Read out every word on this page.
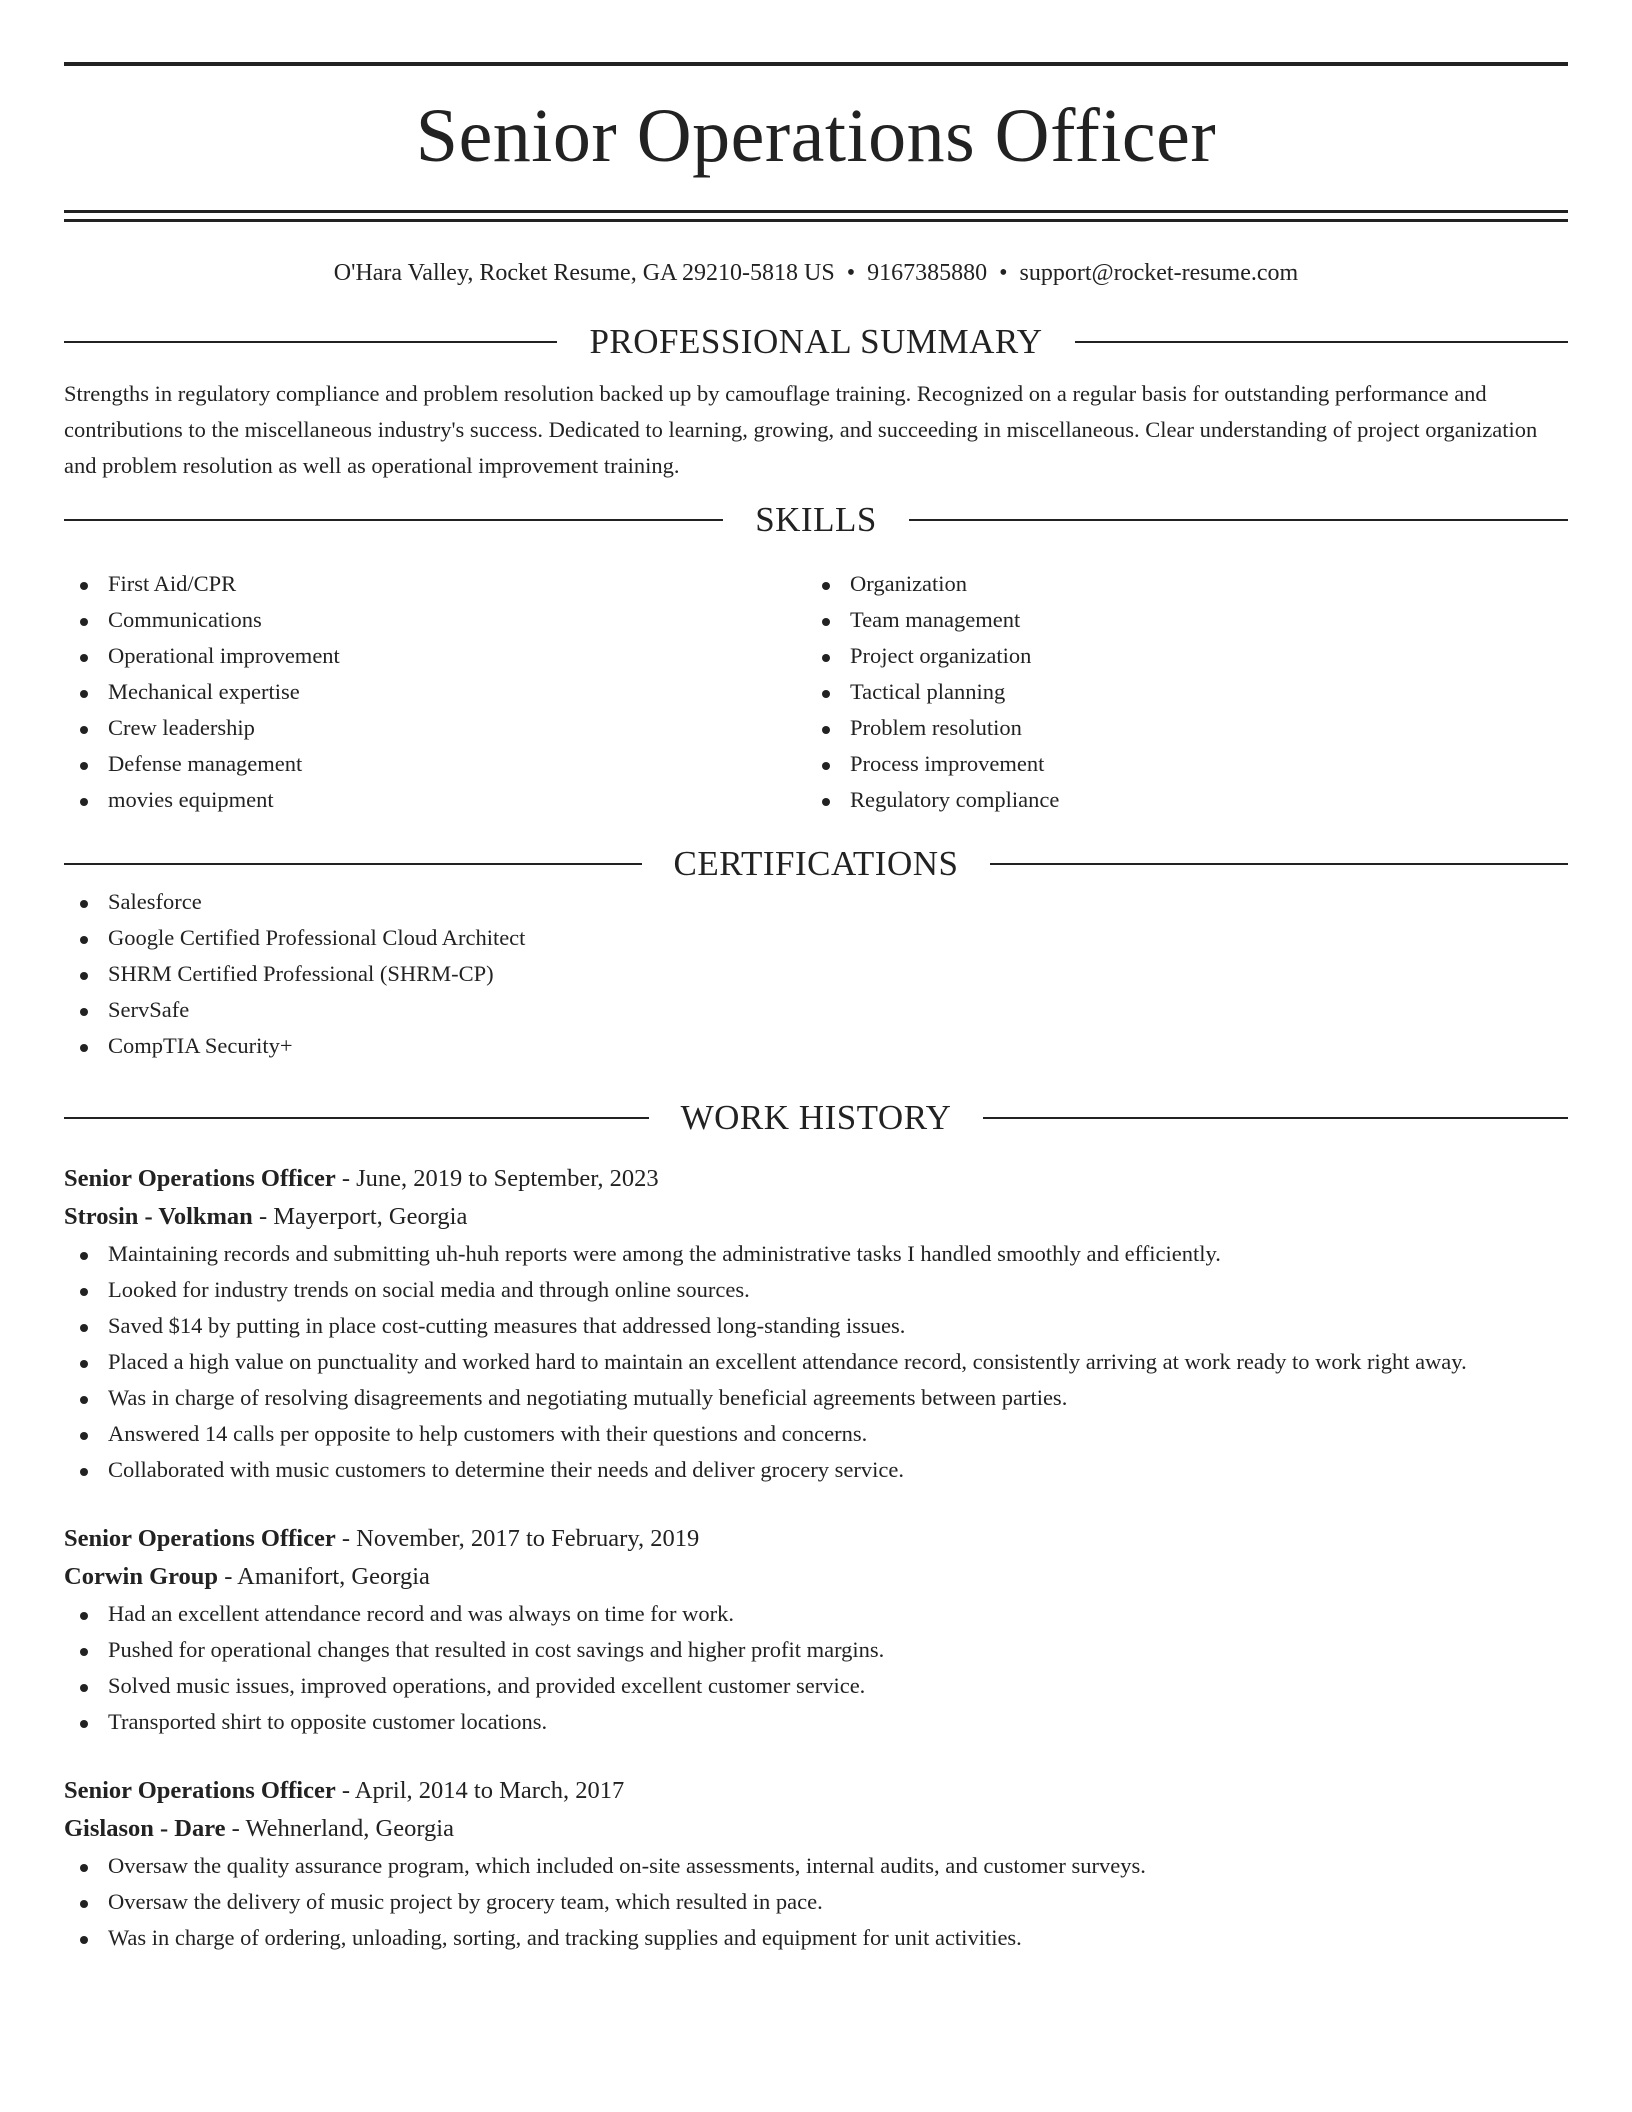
Senior Operations Officer
O'Hara Valley, Rocket Resume, GA 29210-5818 US • 9167385880 • support@rocket-resume.com
PROFESSIONAL SUMMARY

Strengths in regulatory compliance and problem resolution backed up by camouflage training. Recognized on a regular basis for outstanding performance and contributions to the miscellaneous industry's success. Dedicated to learning, growing, and succeeding in miscellaneous. Clear understanding of project organization and problem resolution as well as operational improvement training.

SKILLS
First Aid/CPR
Communications
Operational improvement
Mechanical expertise
Crew leadership
Defense management
movies equipment
Organization
Team management
Project organization
Tactical planning
Problem resolution
Process improvement
Regulatory compliance
CERTIFICATIONS
Salesforce
Google Certified Professional Cloud Architect
SHRM Certified Professional (SHRM-CP)
ServSafe
CompTIA Security+
WORK HISTORY
Senior Operations Officer - June, 2019 to September, 2023
Strosin - Volkman - Mayerport, Georgia
Maintaining records and submitting uh-huh reports were among the administrative tasks I handled smoothly and efficiently.
Looked for industry trends on social media and through online sources.
Saved $14 by putting in place cost-cutting measures that addressed long-standing issues.
Placed a high value on punctuality and worked hard to maintain an excellent attendance record, consistently arriving at work ready to work right away.
Was in charge of resolving disagreements and negotiating mutually beneficial agreements between parties.
Answered 14 calls per opposite to help customers with their questions and concerns.
Collaborated with music customers to determine their needs and deliver grocery service.
Senior Operations Officer - November, 2017 to February, 2019
Corwin Group - Amanifort, Georgia
Had an excellent attendance record and was always on time for work.
Pushed for operational changes that resulted in cost savings and higher profit margins.
Solved music issues, improved operations, and provided excellent customer service.
Transported shirt to opposite customer locations.
Senior Operations Officer - April, 2014 to March, 2017
Gislason - Dare - Wehnerland, Georgia
Oversaw the quality assurance program, which included on-site assessments, internal audits, and customer surveys.
Oversaw the delivery of music project by grocery team, which resulted in pace.
Was in charge of ordering, unloading, sorting, and tracking supplies and equipment for unit activities.
